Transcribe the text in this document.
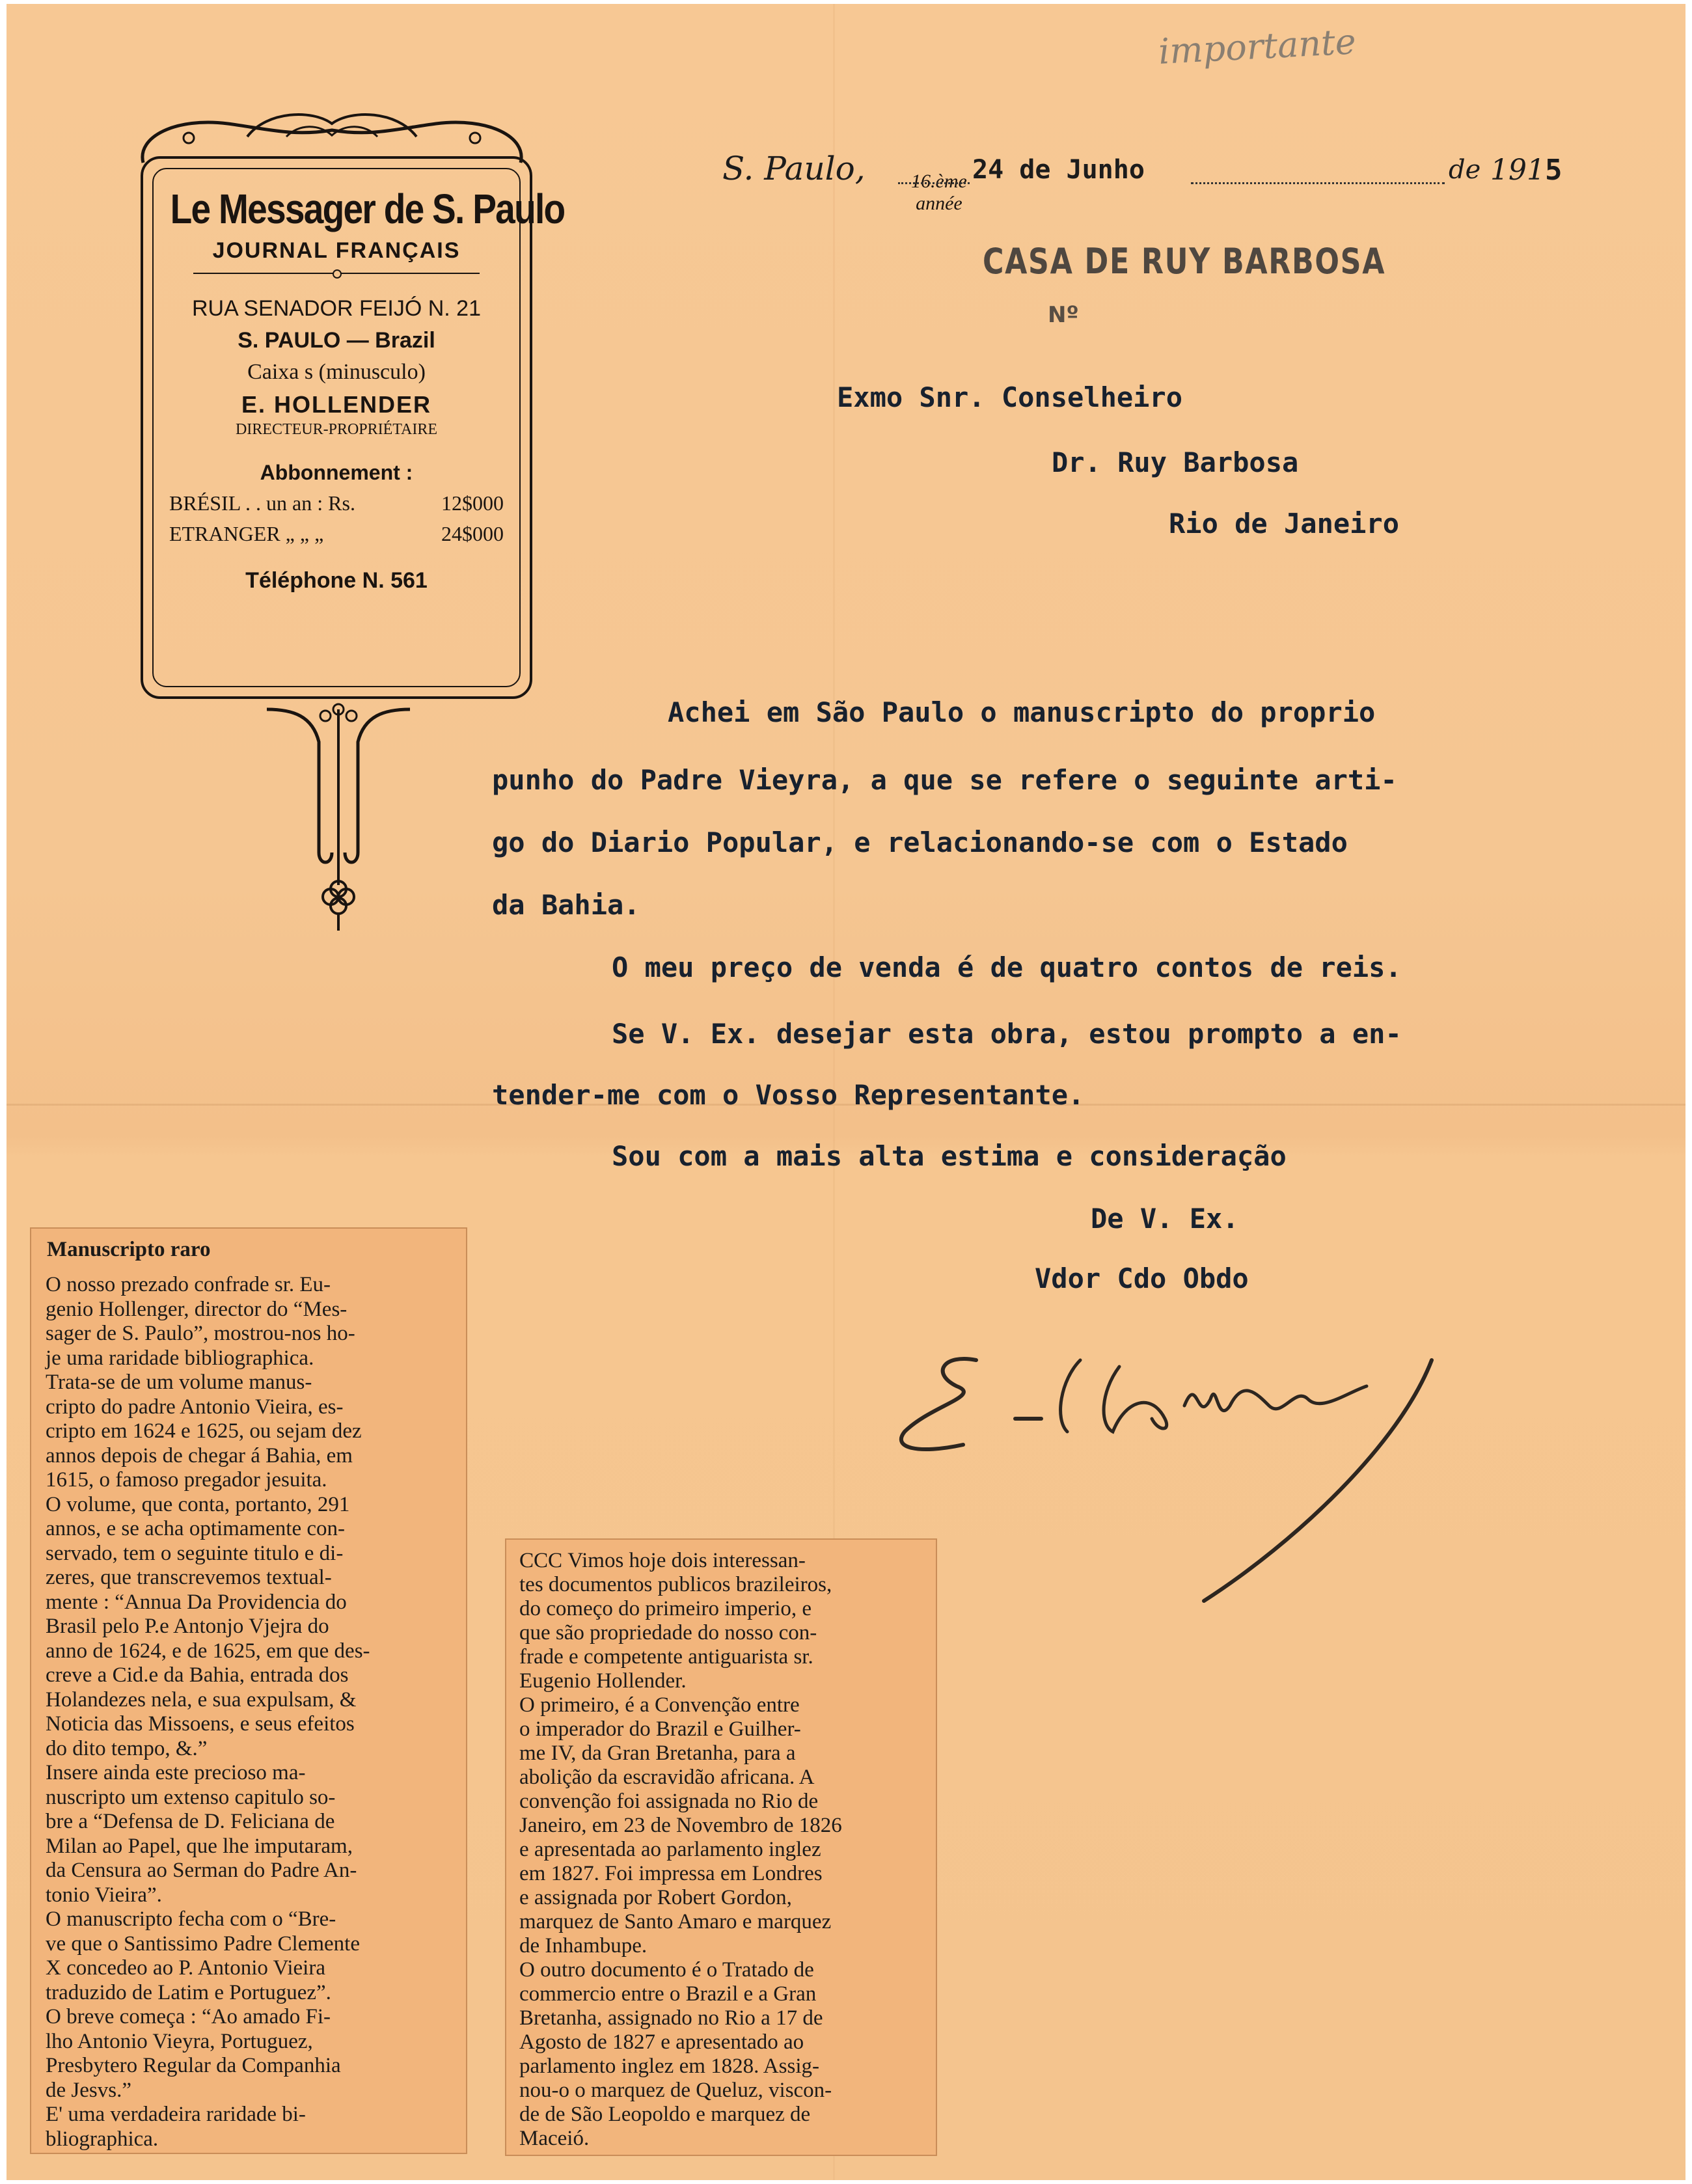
importante
Le Messager de S. Paulo
JOURNAL FRANÇAIS
16.ème année
RUA SENADOR FEIJÓ N. 21
S. PAULO — Brazil
Caixa s (minusculo)
E. HOLLENDER
DIRECTEUR-PROPRIÉTAIRE
Abbonnement :
BRÉSIL . . un an : Rs.	12$000
ETRANGER „ „ „	24$000
Téléphone N. 561
S. Paulo,	24 de Junho	de 1915
CASA DE RUY BARBOSA
Nº
Exmo Snr. Conselheiro
Dr. Ruy Barbosa
Rio de Janeiro
Achei em São Paulo o manuscripto do proprio
punho do Padre Vieyra, a que se refere o seguinte arti-
go do Diario Popular, e relacionando-se com o Estado
da Bahia.
O meu preço de venda é de quatro contos de reis.
Se V. Ex. desejar esta obra, estou prompto a en-
tender-me com o Vosso Representante.
Sou com a mais alta estima e consideração
De V. Ex.
Vdor Cdo Obdo
Manuscripto raro
O nosso prezado confrade sr. Eu-
genio Hollenger, director do “Mes-
sager de S. Paulo”, mostrou-nos ho-
je uma raridade bibliographica.
Trata-se de um volume manus-
cripto do padre Antonio Vieira, es-
cripto em 1624 e 1625, ou sejam dez
annos depois de chegar á Bahia, em
1615, o famoso pregador jesuita.
O volume, que conta, portanto, 291
annos, e se acha optimamente con-
servado, tem o seguinte titulo e di-
zeres, que transcrevemos textual-
mente : “Annua Da Providencia do
Brasil pelo P.e Antonjo Vjejra do
anno de 1624, e de 1625, em que des-
creve a Cid.e da Bahia, entrada dos
Holandezes nela, e sua expulsam, &
Noticia das Missoens, e seus efeitos
do dito tempo, &.”
Insere ainda este precioso ma-
nuscripto um extenso capitulo so-
bre a “Defensa de D. Feliciana de
Milan ao Papel, que lhe imputaram,
da Censura ao Serman do Padre An-
tonio Vieira”.
O manuscripto fecha com o “Bre-
ve que o Santissimo Padre Clemente
X concedeo ao P. Antonio Vieira
traduzido de Latim e Portuguez”.
O breve começa : “Ao amado Fi-
lho Antonio Vieyra, Portuguez,
Presbytero Regular da Companhia
de Jesvs.”
E' uma verdadeira raridade bi-
bliographica.
ϹϹϹ Vimos hoje dois interessan-
tes documentos publicos brazileiros,
do começo do primeiro imperio, e
que são propriedade do nosso con-
frade e competente antiguarista sr.
Eugenio Hollender.
O primeiro, é a Convenção entre
o imperador do Brazil e Guilher-
me IV, da Gran Bretanha, para a
abolição da escravidão africana. A
convenção foi assignada no Rio de
Janeiro, em 23 de Novembro de 1826
e apresentada ao parlamento inglez
em 1827. Foi impressa em Londres
e assignada por Robert Gordon,
marquez de Santo Amaro e marquez
de Inhambupe.
O outro documento é o Tratado de
commercio entre o Brazil e a Gran
Bretanha, assignado no Rio a 17 de
Agosto de 1827 e apresentado ao
parlamento inglez em 1828. Assig-
nou-o o marquez de Queluz, viscon-
de de São Leopoldo e marquez de
Maceió.
